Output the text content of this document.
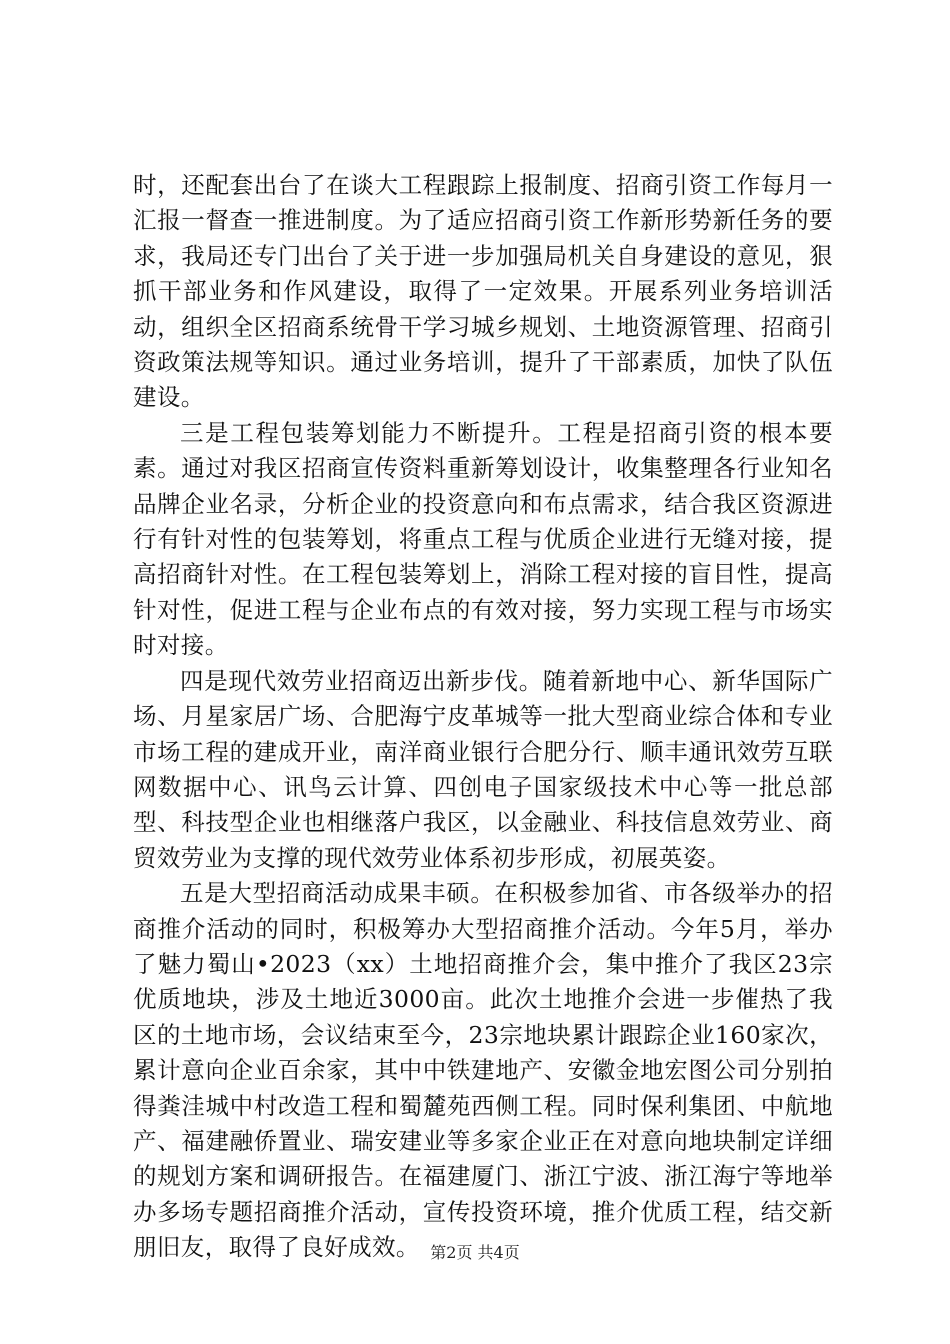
时，还配套出台了在谈大工程跟踪上报制度、招商引资工作每月一汇报一督查一推进制度。为了适应招商引资工作新形势新任务的要求，我局还专门出台了关于进一步加强局机关自身建设的意见，狠抓干部业务和作风建设，取得了一定效果。开展系列业务培训活动，组织全区招商系统骨干学习城乡规划、土地资源管理、招商引资政策法规等知识。通过业务培训，提升了干部素质，加快了队伍建设。

三是工程包装筹划能力不断提升。工程是招商引资的根本要素。通过对我区招商宣传资料重新筹划设计，收集整理各行业知名品牌企业名录，分析企业的投资意向和布点需求，结合我区资源进行有针对性的包装筹划，将重点工程与优质企业进行无缝对接，提高招商针对性。在工程包装筹划上，消除工程对接的盲目性，提高针对性，促进工程与企业布点的有效对接，努力实现工程与市场实时对接。

四是现代效劳业招商迈出新步伐。随着新地中心、新华国际广场、月星家居广场、合肥海宁皮革城等一批大型商业综合体和专业市场工程的建成开业，南洋商业银行合肥分行、顺丰通讯效劳互联网数据中心、讯鸟云计算、四创电子国家级技术中心等一批总部型、科技型企业也相继落户我区，以金融业、科技信息效劳业、商贸效劳业为支撑的现代效劳业体系初步形成，初展英姿。

五是大型招商活动成果丰硕。在积极参加省、市各级举办的招商推介活动的同时，积极筹办大型招商推介活动。今年5月，举办了魅力蜀山•2023（xx）土地招商推介会，集中推介了我区23宗优质地块，涉及土地近3000亩。此次土地推介会进一步催热了我区的土地市场，会议结束至今，23宗地块累计跟踪企业160家次，累计意向企业百余家，其中中铁建地产、安徽金地宏图公司分别拍得粪洼城中村改造工程和蜀麓苑西侧工程。同时保利集团、中航地产、福建融侨置业、瑞安建业等多家企业正在对意向地块制定详细的规划方案和调研报告。在福建厦门、浙江宁波、浙江海宁等地举办多场专题招商推介活动，宣传投资环境，推介优质工程，结交新朋旧友，取得了良好成效。 第2页 共4页
